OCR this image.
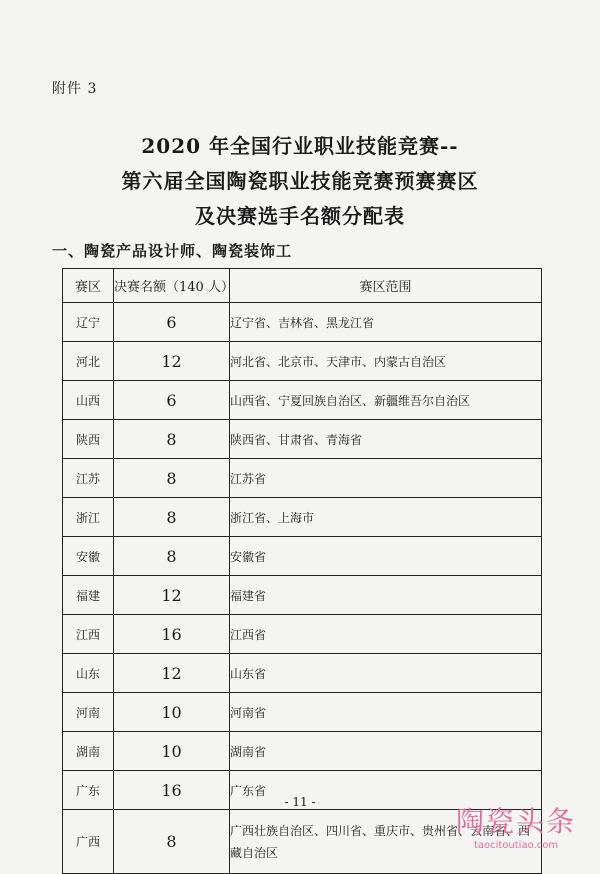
附件 3
2020 年全国行业职业技能竞赛--
第六届全国陶瓷职业技能竞赛预赛赛区
及决赛选手名额分配表
一、陶瓷产品设计师、陶瓷装饰工
赛区	决赛名额（140 人）	赛区范围
辽宁	6	辽宁省、吉林省、黑龙江省
河北	12	河北省、北京市、天津市、内蒙古自治区
山西	6	山西省、宁夏回族自治区、新疆维吾尔自治区
陕西	8	陕西省、甘肃省、青海省
江苏	8	江苏省
浙江	8	浙江省、上海市
安徽	8	安徽省
福建	12	福建省
江西	16	江西省
山东	12	山东省
河南	10	河南省
湖南	10	湖南省
广东	16	广东省
广西	8	广西壮族自治区、四川省、重庆市、贵州省、云南省、西藏自治区
- 11 -
陶瓷头条
taocitoutiao.com
